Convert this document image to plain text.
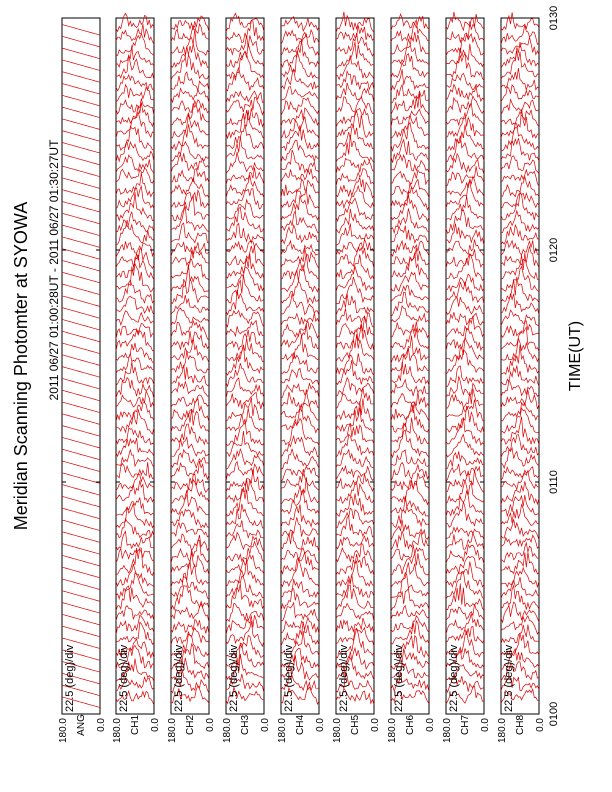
Meridian Scanning Photomter at SYOWA 2011 06/27 01:00:28UT - 2011 06/27 01:30:27UT	TIME(UT)
22.5 (deg)/div
ANG
180.0	0.0
22.5 (deg)/div
CH1
180.0	0.0
22.5 (deg)/div
CH2
180.0	0.0
22.5 (deg)/div
CH3
180.0	0.0
22.5 (deg)/div
CH4
180.0	0.0
22.5 (deg)/div
CH5
180.0	0.0
22.5 (deg)/div
CH6
180.0	0.0
22.5 (deg)/div
CH7
180.0	0.0
22.5 (deg)/div
CH8
180.0	0.0 0100
0110
0120
0130
